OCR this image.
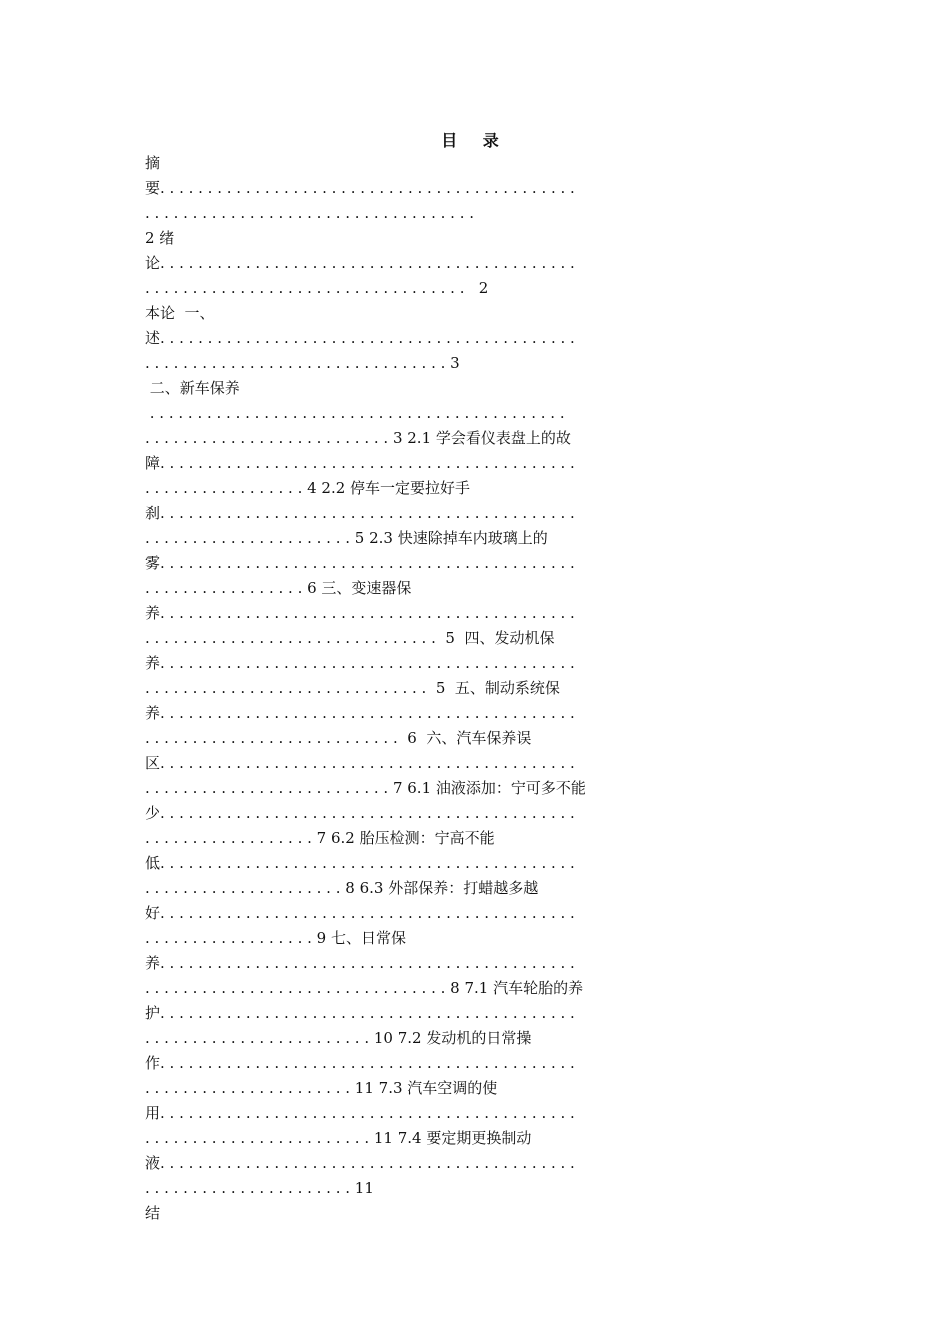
目 录
摘
要. . . . . . . . . . . . . . . . . . . . . . . . . . . . . . . . . . . . . . . . . . . .
. . . . . . . . . . . . . . . . . . . . . . . . . . . . . . . . . . .
2 绪
论. . . . . . . . . . . . . . . . . . . . . . . . . . . . . . . . . . . . . . . . . . . .
. . . . . . . . . . . . . . . . . . . . . . . . . . . . . . . . . .   2
本论  一、
述. . . . . . . . . . . . . . . . . . . . . . . . . . . . . . . . . . . . . . . . . . . .
. . . . . . . . . . . . . . . . . . . . . . . . . . . . . . . . 3
二、新车保养
. . . . . . . . . . . . . . . . . . . . . . . . . . . . . . . . . . . . . . . . . . . .
. . . . . . . . . . . . . . . . . . . . . . . . . . 3 2.1 学会看仪表盘上的故
障. . . . . . . . . . . . . . . . . . . . . . . . . . . . . . . . . . . . . . . . . . . .
. . . . . . . . . . . . . . . . . 4 2.2 停车一定要拉好手
刹. . . . . . . . . . . . . . . . . . . . . . . . . . . . . . . . . . . . . . . . . . . .
. . . . . . . . . . . . . . . . . . . . . . 5 2.3 快速除掉车内玻璃上的
雾. . . . . . . . . . . . . . . . . . . . . . . . . . . . . . . . . . . . . . . . . . . .
. . . . . . . . . . . . . . . . . 6 三、变速器保
养. . . . . . . . . . . . . . . . . . . . . . . . . . . . . . . . . . . . . . . . . . . .
. . . . . . . . . . . . . . . . . . . . . . . . . . . . . . .  5  四、发动机保
养. . . . . . . . . . . . . . . . . . . . . . . . . . . . . . . . . . . . . . . . . . . .
. . . . . . . . . . . . . . . . . . . . . . . . . . . . . .  5  五、制动系统保
养. . . . . . . . . . . . . . . . . . . . . . . . . . . . . . . . . . . . . . . . . . . .
. . . . . . . . . . . . . . . . . . . . . . . . . . .  6  六、汽车保养误
区. . . . . . . . . . . . . . . . . . . . . . . . . . . . . . . . . . . . . . . . . . . .
. . . . . . . . . . . . . . . . . . . . . . . . . . 7 6.1 油液添加：宁可多不能
少. . . . . . . . . . . . . . . . . . . . . . . . . . . . . . . . . . . . . . . . . . . .
. . . . . . . . . . . . . . . . . . 7 6.2 胎压检测：宁高不能
低. . . . . . . . . . . . . . . . . . . . . . . . . . . . . . . . . . . . . . . . . . . .
. . . . . . . . . . . . . . . . . . . . . 8 6.3 外部保养：打蜡越多越
好. . . . . . . . . . . . . . . . . . . . . . . . . . . . . . . . . . . . . . . . . . . .
. . . . . . . . . . . . . . . . . . 9 七、日常保
养. . . . . . . . . . . . . . . . . . . . . . . . . . . . . . . . . . . . . . . . . . . .
. . . . . . . . . . . . . . . . . . . . . . . . . . . . . . . . 8 7.1 汽车轮胎的养
护. . . . . . . . . . . . . . . . . . . . . . . . . . . . . . . . . . . . . . . . . . . .
. . . . . . . . . . . . . . . . . . . . . . . . 10 7.2 发动机的日常操
作. . . . . . . . . . . . . . . . . . . . . . . . . . . . . . . . . . . . . . . . . . . .
. . . . . . . . . . . . . . . . . . . . . . 11 7.3 汽车空调的使
用. . . . . . . . . . . . . . . . . . . . . . . . . . . . . . . . . . . . . . . . . . . .
. . . . . . . . . . . . . . . . . . . . . . . . 11 7.4 要定期更换制动
液. . . . . . . . . . . . . . . . . . . . . . . . . . . . . . . . . . . . . . . . . . . .
. . . . . . . . . . . . . . . . . . . . . . 11
结
